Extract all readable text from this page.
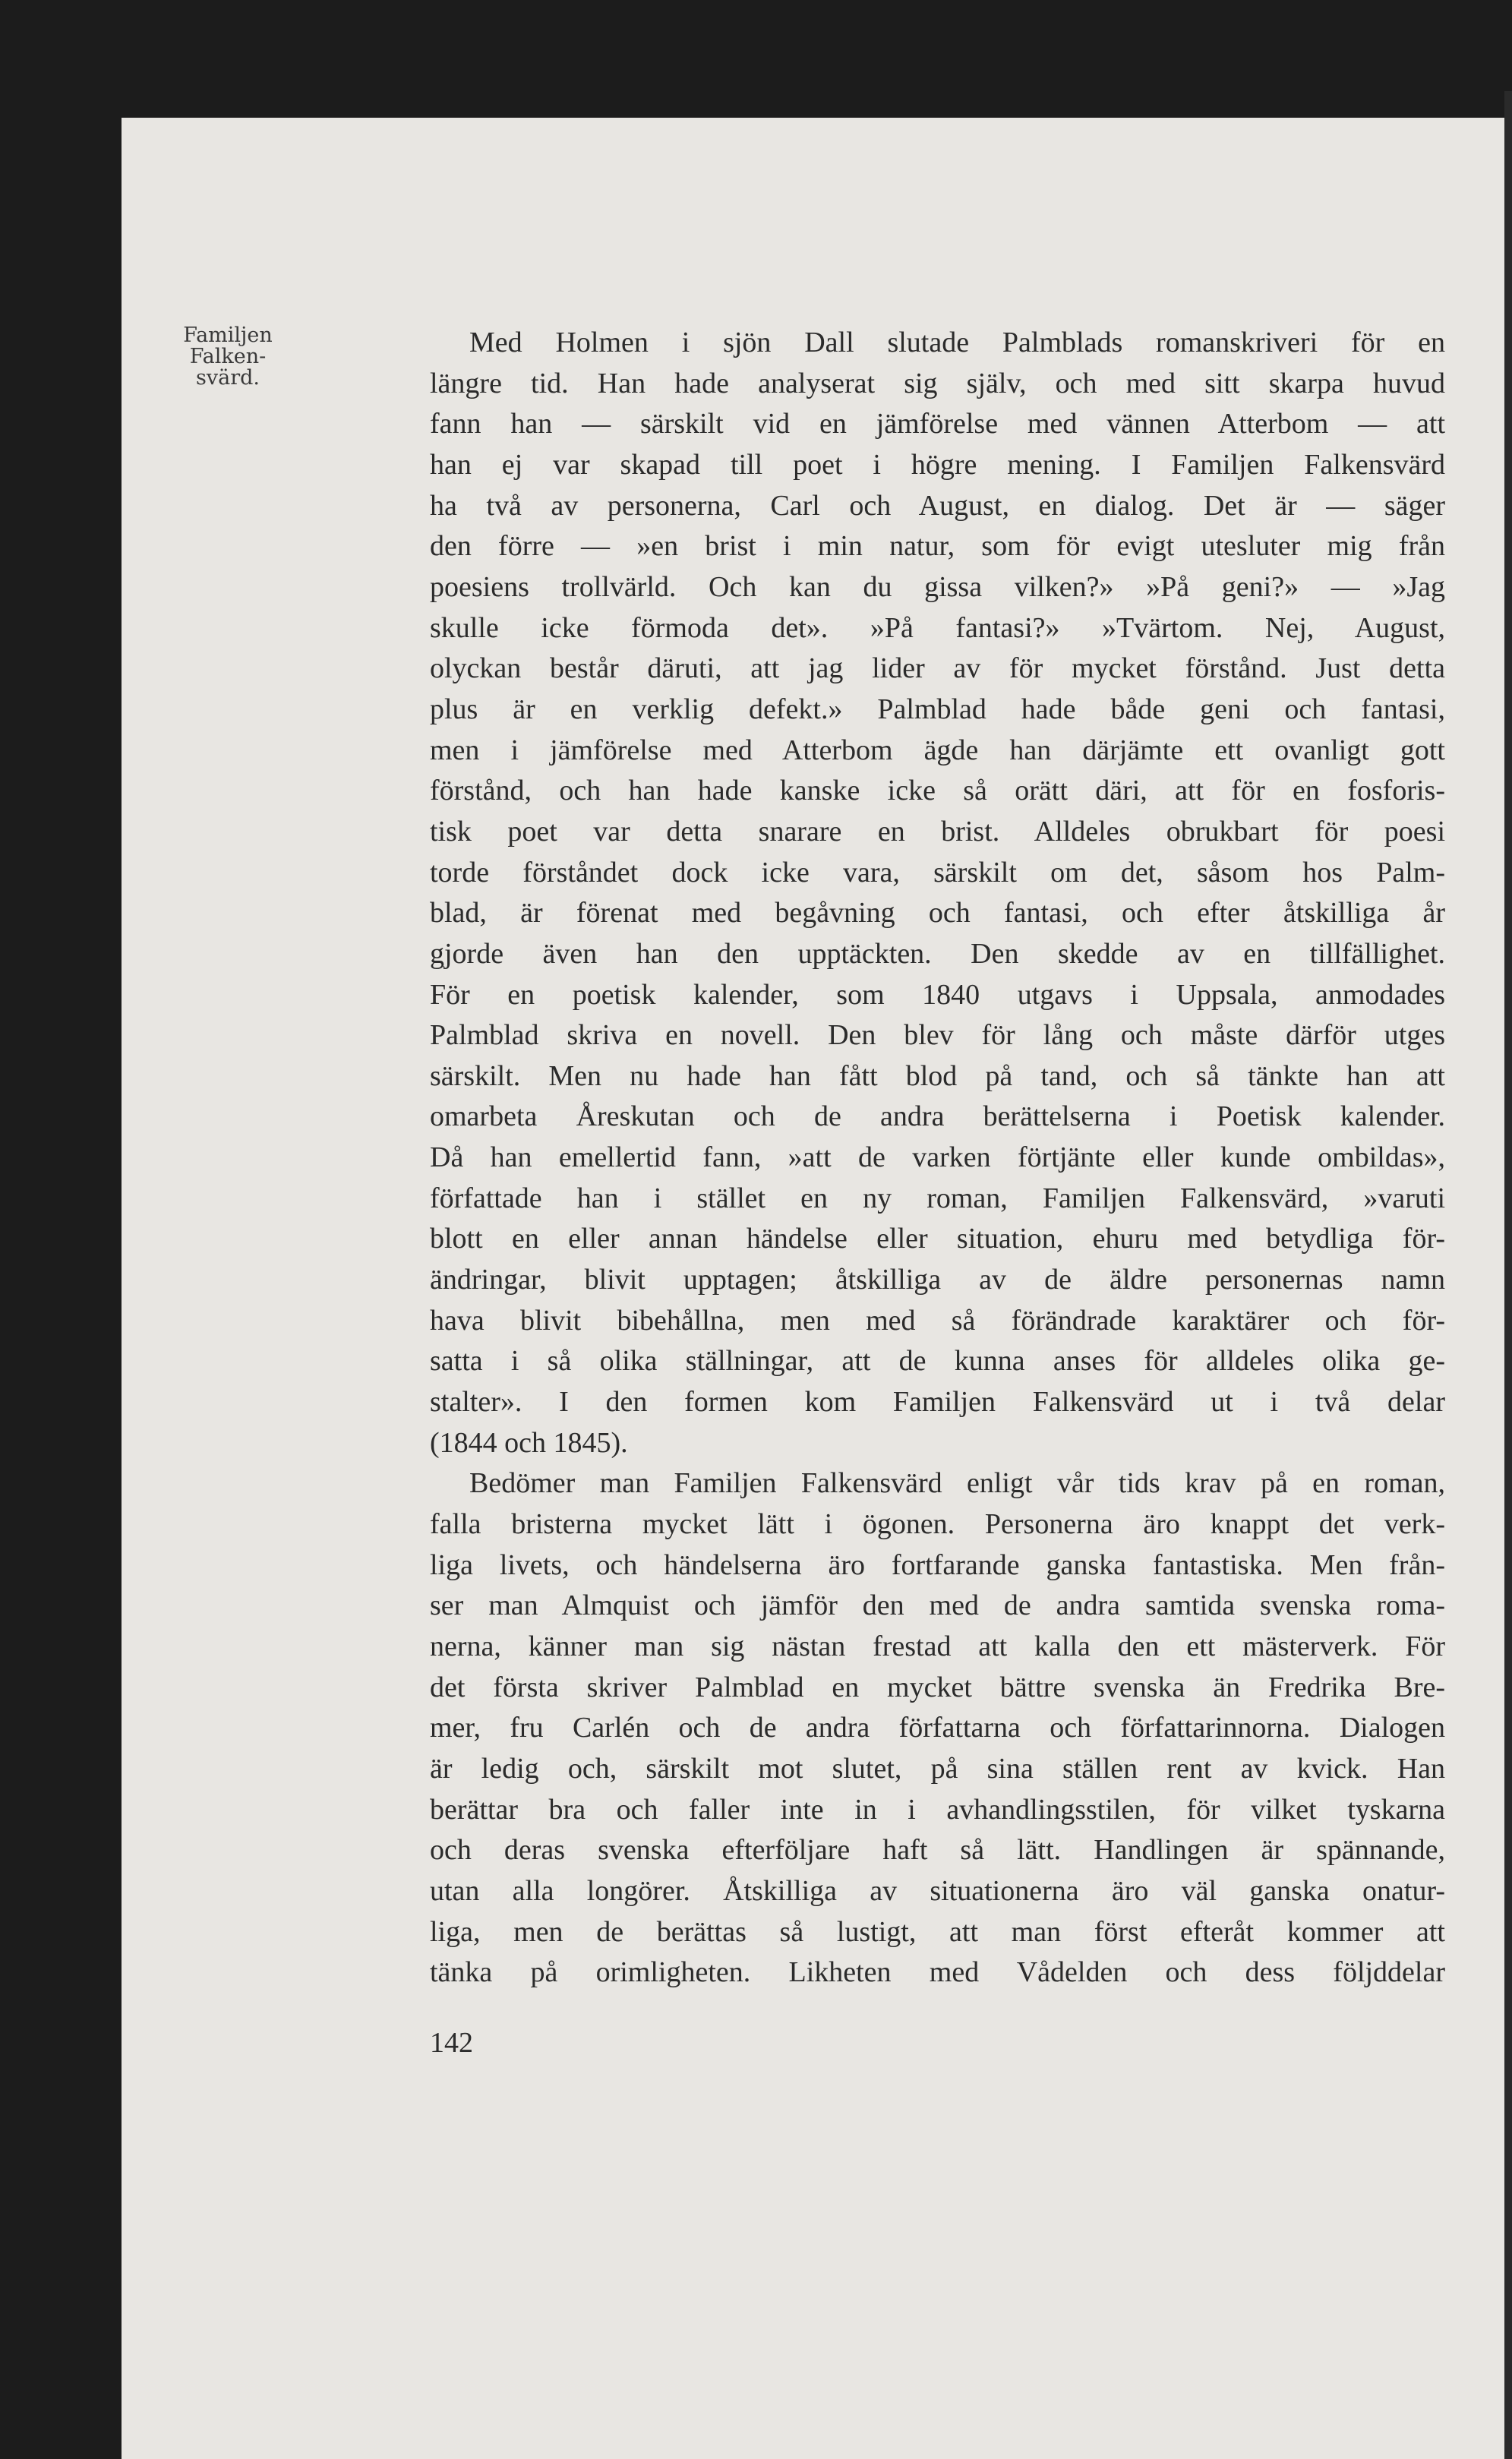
Familjen
Falken-
svärd.
Med Holmen i sjön Dall slutade Palmblads romanskriveri för en
längre tid. Han hade analyserat sig själv, och med sitt skarpa huvud
fann han — särskilt vid en jämförelse med vännen Atterbom — att
han ej var skapad till poet i högre mening. I Familjen Falkensvärd
ha två av personerna, Carl och August, en dialog. Det är — säger
den förre — »en brist i min natur, som för evigt utesluter mig från
poesiens trollvärld. Och kan du gissa vilken?» »På geni?» — »Jag
skulle icke förmoda det». »På fantasi?» »Tvärtom. Nej, August,
olyckan består däruti, att jag lider av för mycket förstånd. Just detta
plus är en verklig defekt.» Palmblad hade både geni och fantasi,
men i jämförelse med Atterbom ägde han därjämte ett ovanligt gott
förstånd, och han hade kanske icke så orätt däri, att för en fosforis-
tisk poet var detta snarare en brist. Alldeles obrukbart för poesi
torde förståndet dock icke vara, särskilt om det, såsom hos Palm-
blad, är förenat med begåvning och fantasi, och efter åtskilliga år
gjorde även han den upptäckten. Den skedde av en tillfällighet.
För en poetisk kalender, som 1840 utgavs i Uppsala, anmodades
Palmblad skriva en novell. Den blev för lång och måste därför utges
särskilt. Men nu hade han fått blod på tand, och så tänkte han att
omarbeta Åreskutan och de andra berättelserna i Poetisk kalender.
Då han emellertid fann, »att de varken förtjänte eller kunde ombildas»,
författade han i stället en ny roman, Familjen Falkensvärd, »varuti
blott en eller annan händelse eller situation, ehuru med betydliga för-
ändringar, blivit upptagen; åtskilliga av de äldre personernas namn
hava blivit bibehållna, men med så förändrade karaktärer och för-
satta i så olika ställningar, att de kunna anses för alldeles olika ge-
stalter». I den formen kom Familjen Falkensvärd ut i två delar
(1844 och 1845).
Bedömer man Familjen Falkensvärd enligt vår tids krav på en roman,
falla bristerna mycket lätt i ögonen. Personerna äro knappt det verk-
liga livets, och händelserna äro fortfarande ganska fantastiska. Men från-
ser man Almquist och jämför den med de andra samtida svenska roma-
nerna, känner man sig nästan frestad att kalla den ett mästerverk. För
det första skriver Palmblad en mycket bättre svenska än Fredrika Bre-
mer, fru Carlén och de andra författarna och författarinnorna. Dialogen
är ledig och, särskilt mot slutet, på sina ställen rent av kvick. Han
berättar bra och faller inte in i avhandlingsstilen, för vilket tyskarna
och deras svenska efterföljare haft så lätt. Handlingen är spännande,
utan alla longörer. Åtskilliga av situationerna äro väl ganska onatur-
liga, men de berättas så lustigt, att man först efteråt kommer att
tänka på orimligheten. Likheten med Vådelden och dess följddelar
142
